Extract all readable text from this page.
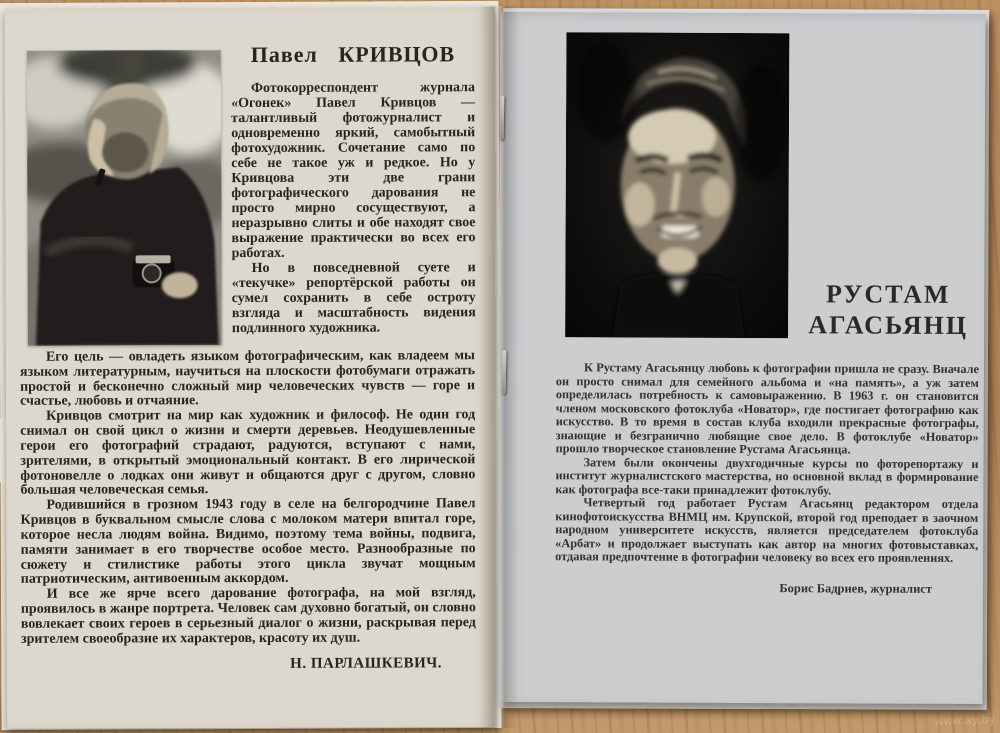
Павел КРИВЦОВ

Фотокорреспондент журнала «Огонек» Павел Кривцов — талантливый фотожурналист и одновременно яркий, самобытный фотохудожник. Сочетание само по себе не такое уж и редкое. Но у Кривцова эти две грани фотографического дарования не просто мирно сосуществуют, а неразрывно слиты и обе находят свое выражение практически во всех его работах.

Но в повседневной суете и «текучке» репортёрской работы он сумел сохранить в себе остроту взгляда и масштабность видения подлинного художника.

Его цель — овладеть языком фотографическим, как владеем мы языком литературным, научиться на плоскости фотобумаги отражать простой и бесконечно сложный мир человеческих чувств — горе и счастье, любовь и отчаяние.

Кривцов смотрит на мир как художник и философ. Не один год снимал он свой цикл о жизни и смерти деревьев. Неодушевленные герои его фотографий страдают, радуются, вступают с нами, зрителями, в открытый эмоциональный контакт. В его лирической фотоновелле о лодках они живут и общаются друг с другом, словно большая человеческая семья.

Родившийся в грозном 1943 году в селе на белгородчине Павел Кривцов в буквальном смысле слова с молоком матери впитал горе, которое несла людям война. Видимо, поэтому тема войны, подвига, памяти занимает в его творчестве особое место. Разнообразные по сюжету и стилистике работы этого цикла звучат мощным патриотическим, антивоенным аккордом.

И все же ярче всего дарование фотографа, на мой взгляд, проявилось в жанре портрета. Человек сам духовно богатый, он словно вовлекает своих героев в серьезный диалог о жизни, раскрывая перед зрителем своеобразие их характеров, красоту их душ.

Н. ПАРЛАШКЕВИЧ.
РУСТАМ
АГАСЬЯНЦ

К Рустаму Агасьянцу любовь к фотографии пришла не сразу. Вначале он просто снимал для семейного альбома и «на память», а уж затем определилась потребность к самовыражению. В 1963 г. он становится членом московского фотоклуба «Новатор», где постигает фотографию как искусство. В то время в состав клуба входили прекрасные фотографы, знающие и безгранично любящие свое дело. В фотоклубе «Новатор» прошло творческое становление Рустама Агасьянца.

Затем были окончены двухгодичные курсы по фоторепортажу и институт журналистского мастерства, но основной вклад в формирование как фотографа все-таки принадлежит фотоклубу.

Четвертый год работает Рустам Агасьянц редактором отдела кинофотоискусства ВНМЦ им. Крупской, второй год преподает в заочном народном университете искусств, является председателем фотоклуба «Арбат» и продолжает выступать как автор на многих фотовыставках, отдавая предпочтение в фотографии человеку во всех его проявлениях.

Борис Бадриев, журналист
www.ay.by
